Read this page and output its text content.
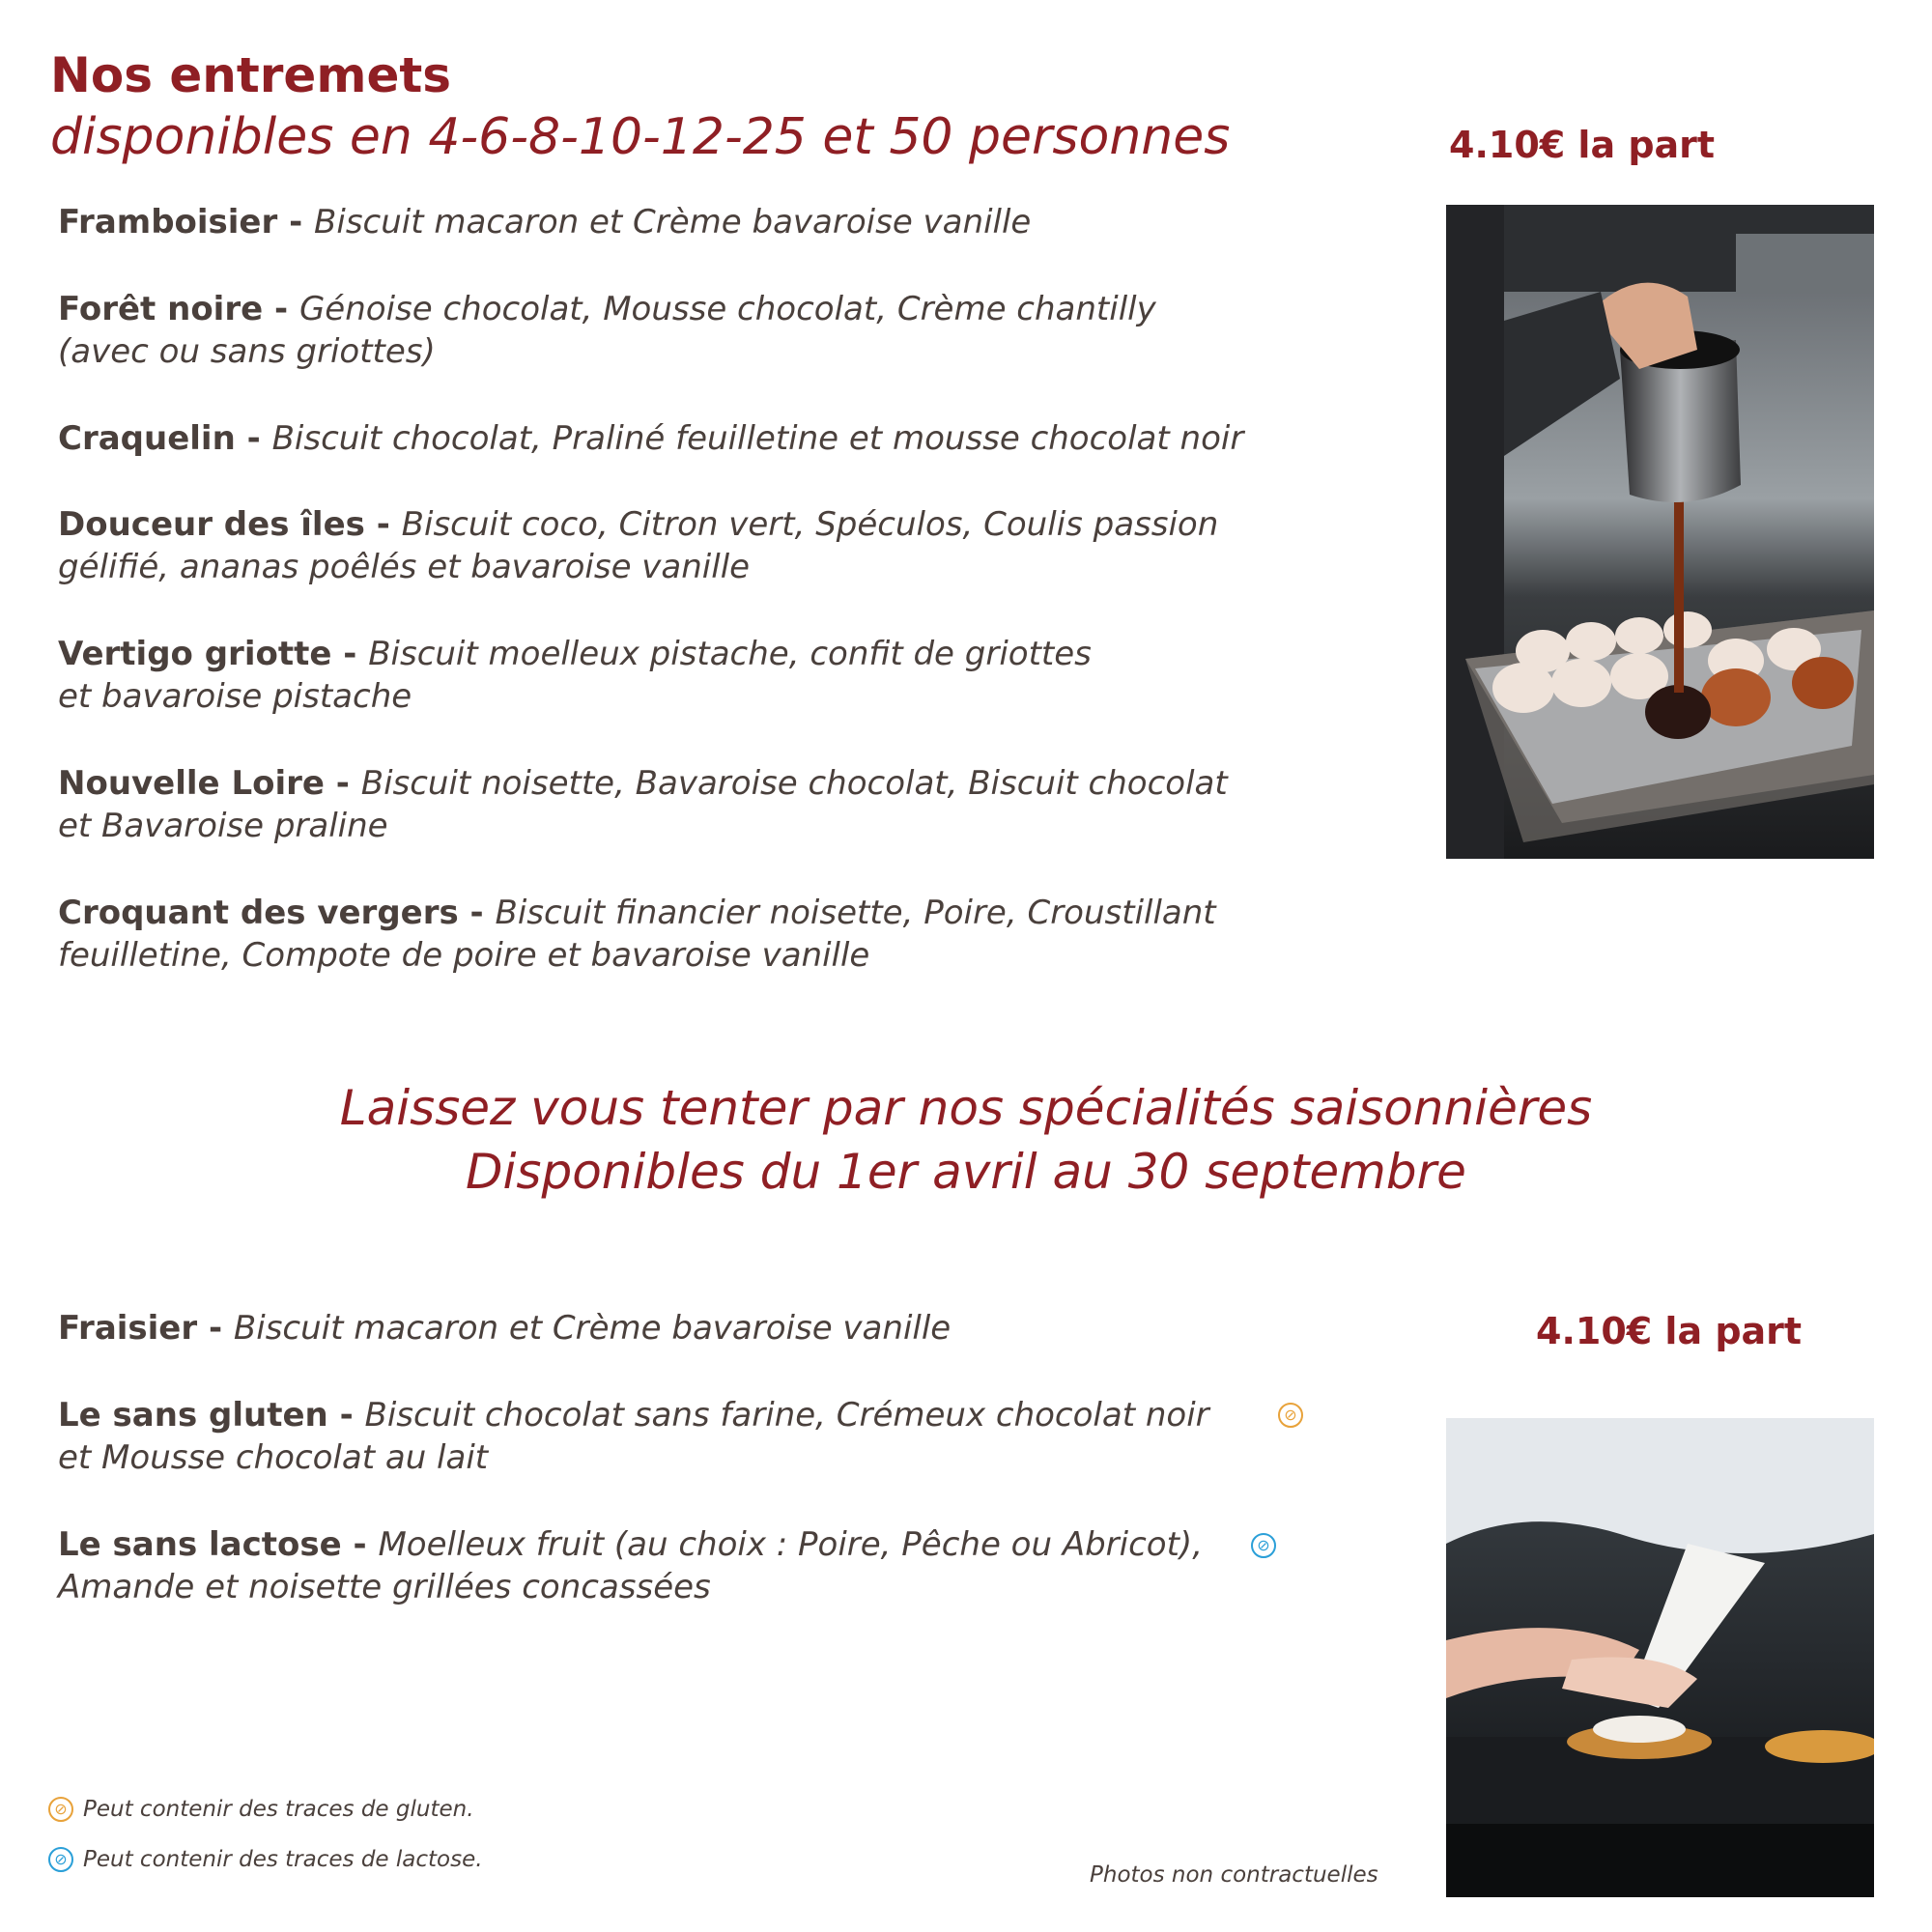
Nos entremets
disponibles en 4-6-8-10-12-25 et 50 personnes	4.10€ la part
Framboisier - Biscuit macaron et Crème bavaroise vanille
Forêt noire - Génoise chocolat, Mousse chocolat, Crème chantilly
(avec ou sans griottes)
Craquelin - Biscuit chocolat, Praliné feuilletine et mousse chocolat noir
Douceur des îles - Biscuit coco, Citron vert, Spéculos, Coulis passion
gélifié, ananas poêlés et bavaroise vanille
Vertigo griotte - Biscuit moelleux pistache, confit de griottes
et bavaroise pistache
Nouvelle Loire - Biscuit noisette, Bavaroise chocolat, Biscuit chocolat
et Bavaroise praline
Croquant des vergers - Biscuit financier noisette, Poire, Croustillant
feuilletine, Compote de poire et bavaroise vanille
Laissez vous tenter par nos spécialités saisonnières
Disponibles du 1er avril au 30 septembre
4.10€ la part
Fraisier - Biscuit macaron et Crème bavaroise vanille
Le sans gluten - Biscuit chocolat sans farine, Crémeux chocolat noir
et Mousse chocolat au lait
⊘
Le sans lactose - Moelleux fruit (au choix : Poire, Pêche ou Abricot),
Amande et noisette grillées concassées
⊘
⊘ Peut contenir des traces de gluten.
⊘ Peut contenir des traces de lactose.
Photos non contractuelles
